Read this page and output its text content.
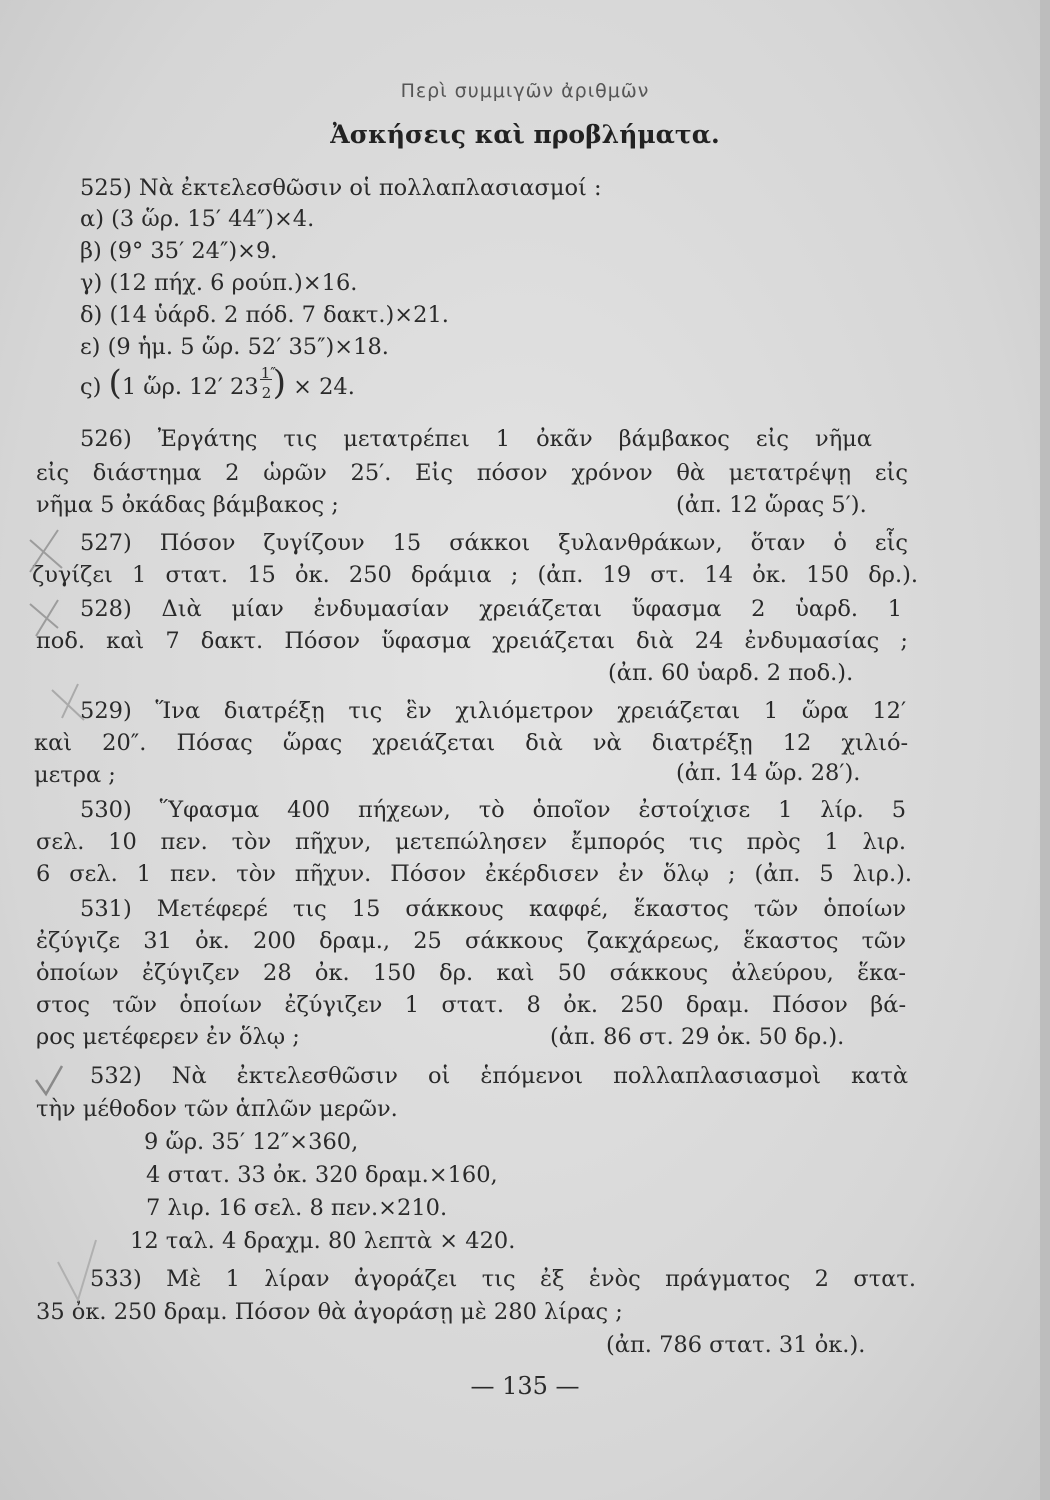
Περὶ συμμιγῶν ἀριθμῶν
Ἀσκήσεις καὶ προβλήματα.
525) Νὰ ἐκτελεσθῶσιν οἱ πολλαπλασιασμοί :
α) (3 ὥρ. 15′ 44″)×4.
β) (9° 35′ 24″)×9.
γ) (12 πήχ. 6 ρούπ.)×16.
δ) (14 ὑάρδ. 2 πόδ. 7 δακτ.)×21.
ε) (9 ἡμ. 5 ὥρ. 52′ 35″)×18.
ς) (1 ὥρ. 12′ 23
1″
2 ) × 24.
526) Ἐργάτης τις μετατρέπει 1 ὀκᾶν βάμβακος εἰς νῆμα
εἰς διάστημα 2 ὡρῶν 25′. Εἰς πόσον χρόνον θὰ μετατρέψῃ εἰς
νῆμα 5 ὀκάδας βάμβακος ;	(ἀπ. 12 ὥρας 5′).
527) Πόσον ζυγίζουν 15 σάκκοι ξυλανθράκων, ὅταν ὁ εἷς
ζυγίζει 1 στατ. 15 ὀκ. 250 δράμια ; (ἀπ. 19 στ. 14 ὀκ. 150 δρ.).
528) Διὰ μίαν ἐνδυμασίαν χρειάζεται ὕφασμα 2 ὑαρδ. 1
ποδ. καὶ 7 δακτ. Πόσον ὕφασμα χρειάζεται διὰ 24 ἐνδυμασίας ;
(ἀπ. 60 ὑαρδ. 2 ποδ.).
529) Ἵνα διατρέξῃ τις ἓν χιλιόμετρον χρειάζεται 1 ὥρα 12′
καὶ 20″. Πόσας ὥρας χρειάζεται διὰ νὰ διατρέξῃ 12 χιλιό-
μετρα ;	(ἀπ. 14 ὥρ. 28′).
530) Ὕφασμα 400 πήχεων, τὸ ὁποῖον ἐστοίχισε 1 λίρ. 5
σελ. 10 πεν. τὸν πῆχυν, μετεπώλησεν ἔμπορός τις πρὸς 1 λιρ.
6 σελ. 1 πεν. τὸν πῆχυν. Πόσον ἐκέρδισεν ἐν ὅλῳ ; (ἀπ. 5 λιρ.).
531) Μετέφερέ τις 15 σάκκους καφφέ, ἕκαστος τῶν ὁποίων
ἐζύγιζε 31 ὀκ. 200 δραμ., 25 σάκκους ζακχάρεως, ἕκαστος τῶν
ὁποίων ἐζύγιζεν 28 ὀκ. 150 δρ. καὶ 50 σάκκους ἀλεύρου, ἕκα-
στος τῶν ὁποίων ἐζύγιζεν 1 στατ. 8 ὀκ. 250 δραμ. Πόσον βά-
ρος μετέφερεν ἐν ὅλῳ ;	(ἀπ. 86 στ. 29 ὀκ. 50 δρ.).
532) Νὰ ἐκτελεσθῶσιν οἱ ἑπόμενοι πολλαπλασιασμοὶ κατὰ
τὴν μέθοδον τῶν ἁπλῶν μερῶν.
9 ὥρ. 35′ 12″×360,
4 στατ. 33 ὀκ. 320 δραμ.×160,
7 λιρ. 16 σελ. 8 πεν.×210.
12 ταλ. 4 δραχμ. 80 λεπτὰ × 420.
533) Μὲ 1 λίραν ἀγοράζει τις ἐξ ἑνὸς πράγματος 2 στατ.
35 ὀκ. 250 δραμ. Πόσον θὰ ἀγοράσῃ μὲ 280 λίρας ;
(ἀπ. 786 στατ. 31 ὀκ.).
— 135 —
